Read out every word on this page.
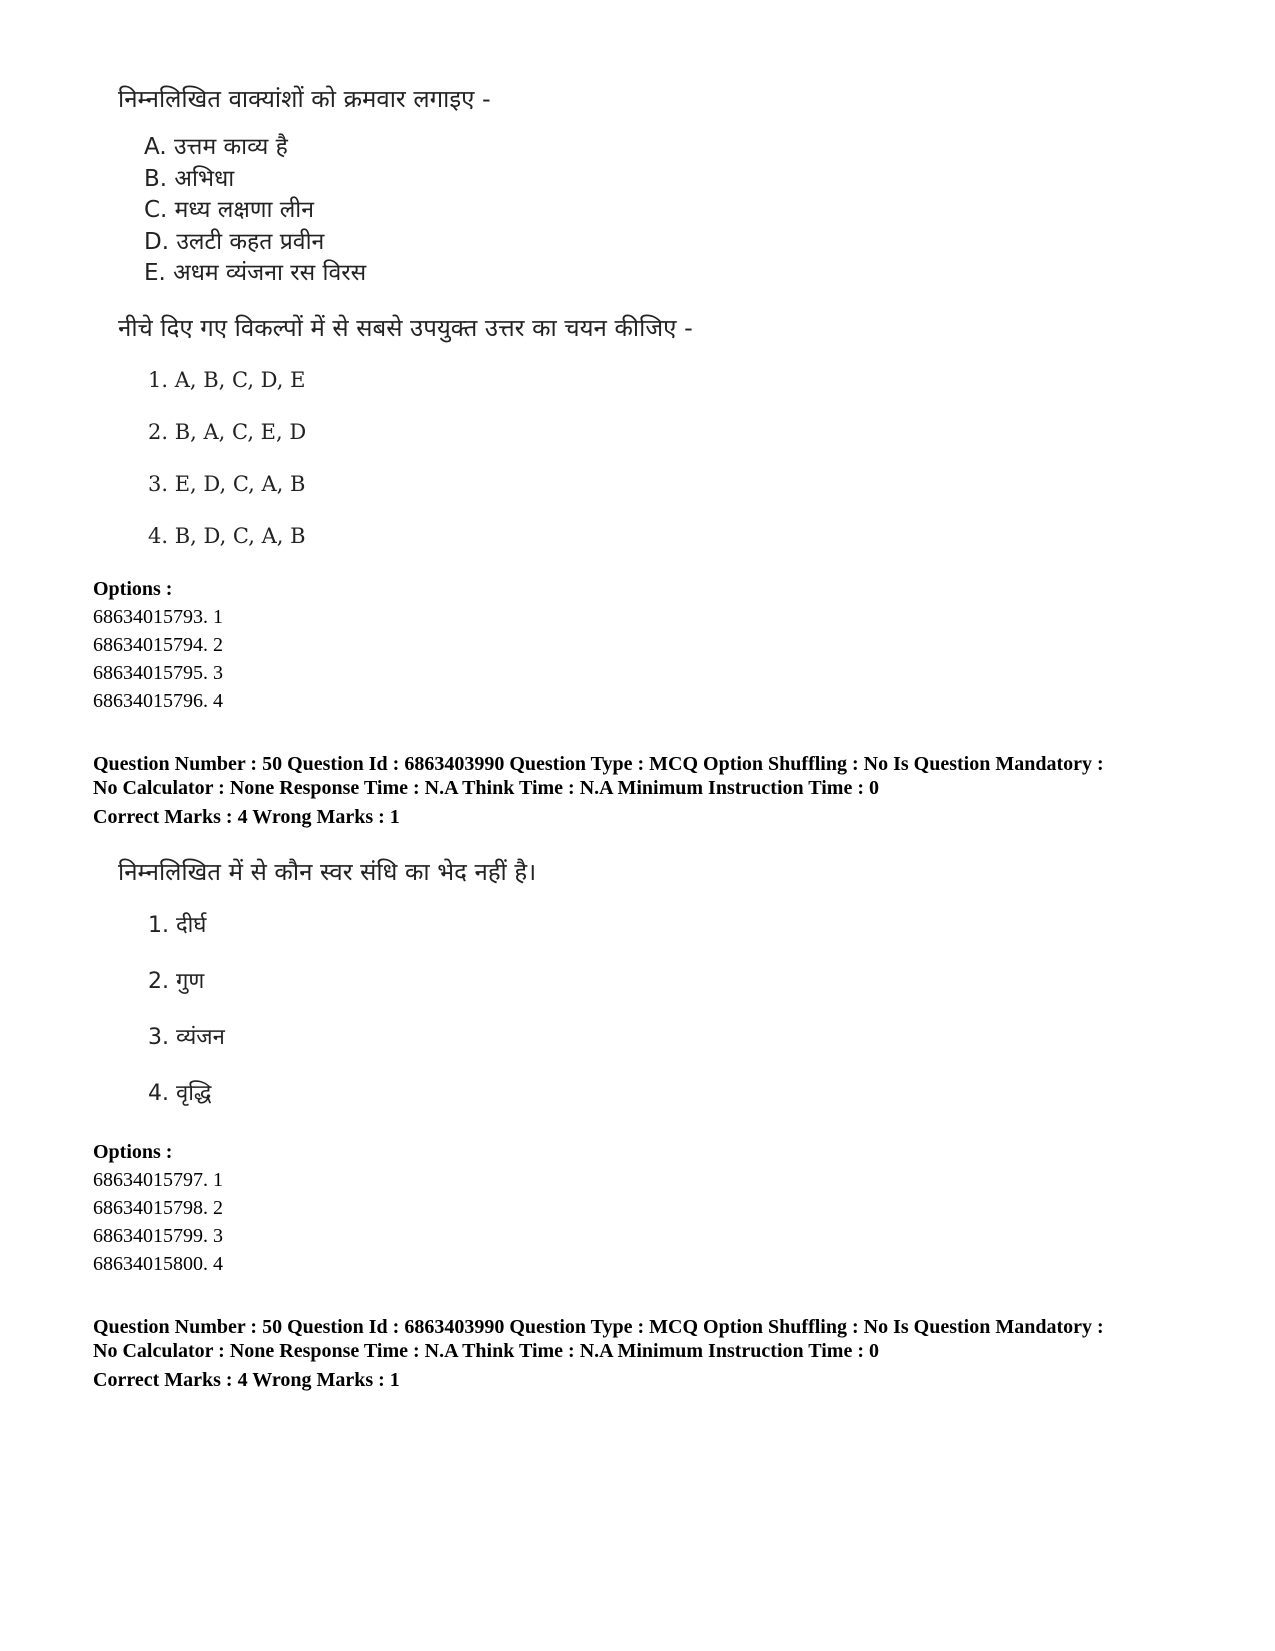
निम्नलिखित वाक्यांशों को क्रमवार लगाइए -

A. उत्तम काव्य है
B. अभिधा
C. मध्य लक्षणा लीन
D. उलटी कहत प्रवीन
E. अधम व्यंजना रस विरस

नीचे दिए गए विकल्पों में से सबसे उपयुक्त उत्तर का चयन कीजिए -

1. A, B, C, D, E
2. B, A, C, E, D
3. E, D, C, A, B
4. B, D, C, A, B
Options :
68634015793. 1
68634015794. 2
68634015795. 3
68634015796. 4

Question Number : 50 Question Id : 6863403990 Question Type : MCQ Option Shuffling : No Is Question Mandatory :

No Calculator : None Response Time : N.A Think Time : N.A Minimum Instruction Time : 0

Correct Marks : 4 Wrong Marks : 1

निम्नलिखित में से कौन स्वर संधि का भेद नहीं है।

1. दीर्घ
2. गुण
3. व्यंजन
4. वृद्धि
Options :
68634015797. 1
68634015798. 2
68634015799. 3
68634015800. 4

Question Number : 50 Question Id : 6863403990 Question Type : MCQ Option Shuffling : No Is Question Mandatory :

No Calculator : None Response Time : N.A Think Time : N.A Minimum Instruction Time : 0

Correct Marks : 4 Wrong Marks : 1
